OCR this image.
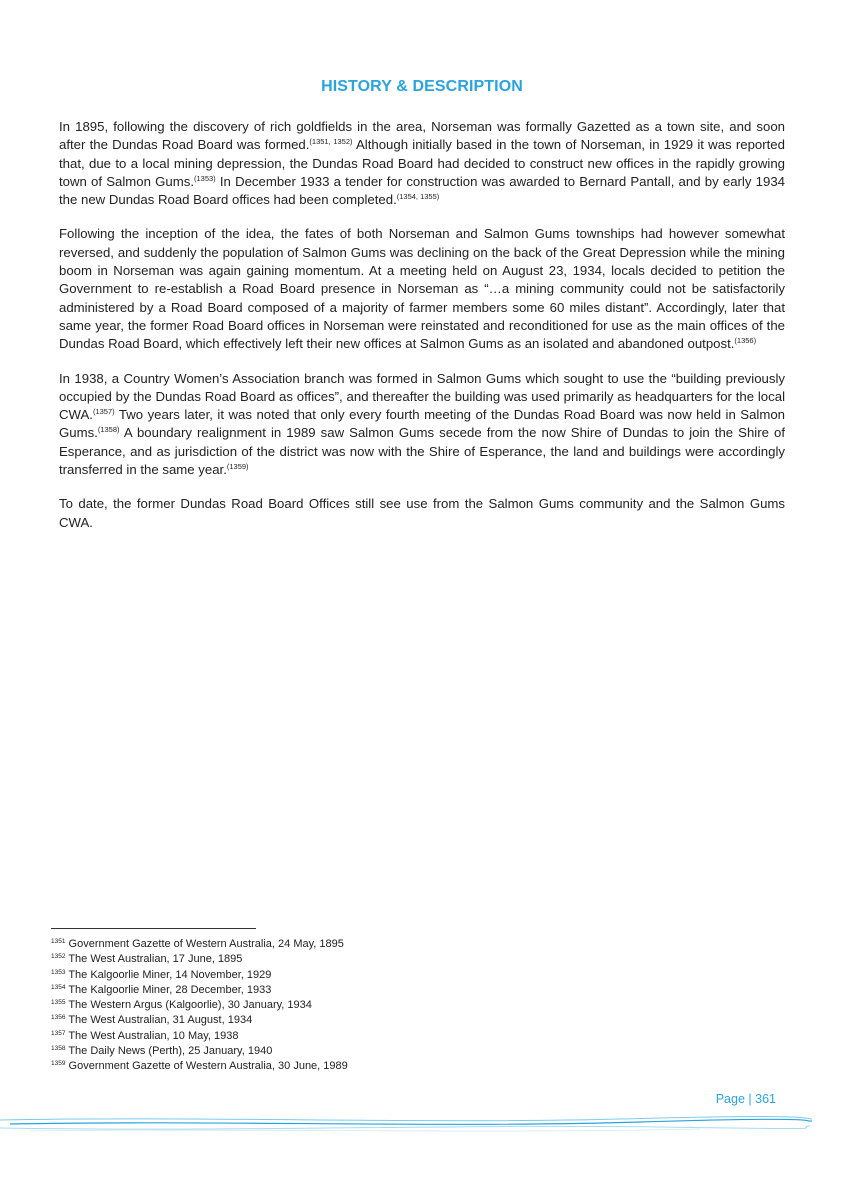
HISTORY & DESCRIPTION

In 1895, following the discovery of rich goldfields in the area, Norseman was formally Gazetted as a town site, and soon after the Dundas Road Board was formed.$^{(1351, 1352)}$ Although initially based in the town of Norseman, in 1929 it was reported that, due to a local mining depression, the Dundas Road Board had decided to construct new offices in the rapidly growing town of Salmon Gums.$^{(1353)}$ In December 1933 a tender for construction was awarded to Bernard Pantall, and by early 1934 the new Dundas Road Board offices had been completed.$^{(1354, 1355)}$

Following the inception of the idea, the fates of both Norseman and Salmon Gums townships had however somewhat reversed, and suddenly the population of Salmon Gums was declining on the back of the Great Depression while the mining boom in Norseman was again gaining momentum. At a meeting held on August 23, 1934, locals decided to petition the Government to re-establish a Road Board presence in Norseman as “…a mining community could not be satisfactorily administered by a Road Board composed of a majority of farmer members some 60 miles distant”. Accordingly, later that same year, the former Road Board offices in Norseman were reinstated and reconditioned for use as the main offices of the Dundas Road Board, which effectively left their new offices at Salmon Gums as an isolated and abandoned outpost.$^{(1356)}$

In 1938, a Country Women’s Association branch was formed in Salmon Gums which sought to use the “building previously occupied by the Dundas Road Board as offices”, and thereafter the building was used primarily as headquarters for the local CWA.$^{(1357)}$ Two years later, it was noted that only every fourth meeting of the Dundas Road Board was now held in Salmon Gums.$^{(1358)}$ A boundary realignment in 1989 saw Salmon Gums secede from the now Shire of Dundas to join the Shire of Esperance, and as jurisdiction of the district was now with the Shire of Esperance, the land and buildings were accordingly transferred in the same year.$^{(1359)}$

To date, the former Dundas Road Board Offices still see use from the Salmon Gums community and the Salmon Gums CWA.

$^{1351}$ Government Gazette of Western Australia, 24 May, 1895
$^{1352}$ The West Australian, 17 June, 1895
$^{1353}$ The Kalgoorlie Miner, 14 November, 1929
$^{1354}$ The Kalgoorlie Miner, 28 December, 1933
$^{1355}$ The Western Argus (Kalgoorlie), 30 January, 1934
$^{1356}$ The West Australian, 31 August, 1934
$^{1357}$ The West Australian, 10 May, 1938
$^{1358}$ The Daily News (Perth), 25 January, 1940
$^{1359}$ Government Gazette of Western Australia, 30 June, 1989
Page | 361
